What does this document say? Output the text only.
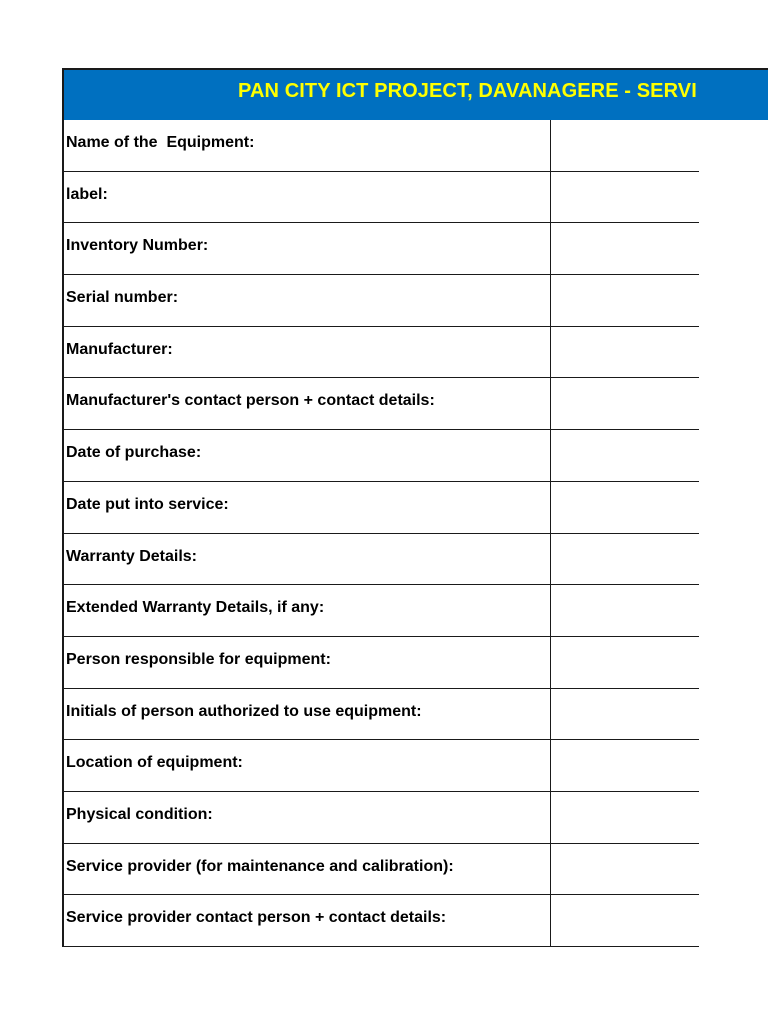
PAN CITY ICT PROJECT, DAVANAGERE - SERVI
Name of the  Equipment:
label:
Inventory Number:
Serial number:
Manufacturer:
Manufacturer's contact person + contact details:
Date of purchase:
Date put into service:
Warranty Details:
Extended Warranty Details, if any:
Person responsible for equipment:
Initials of person authorized to use equipment:
Location of equipment:
Physical condition:
Service provider (for maintenance and calibration):
Service provider contact person + contact details:
